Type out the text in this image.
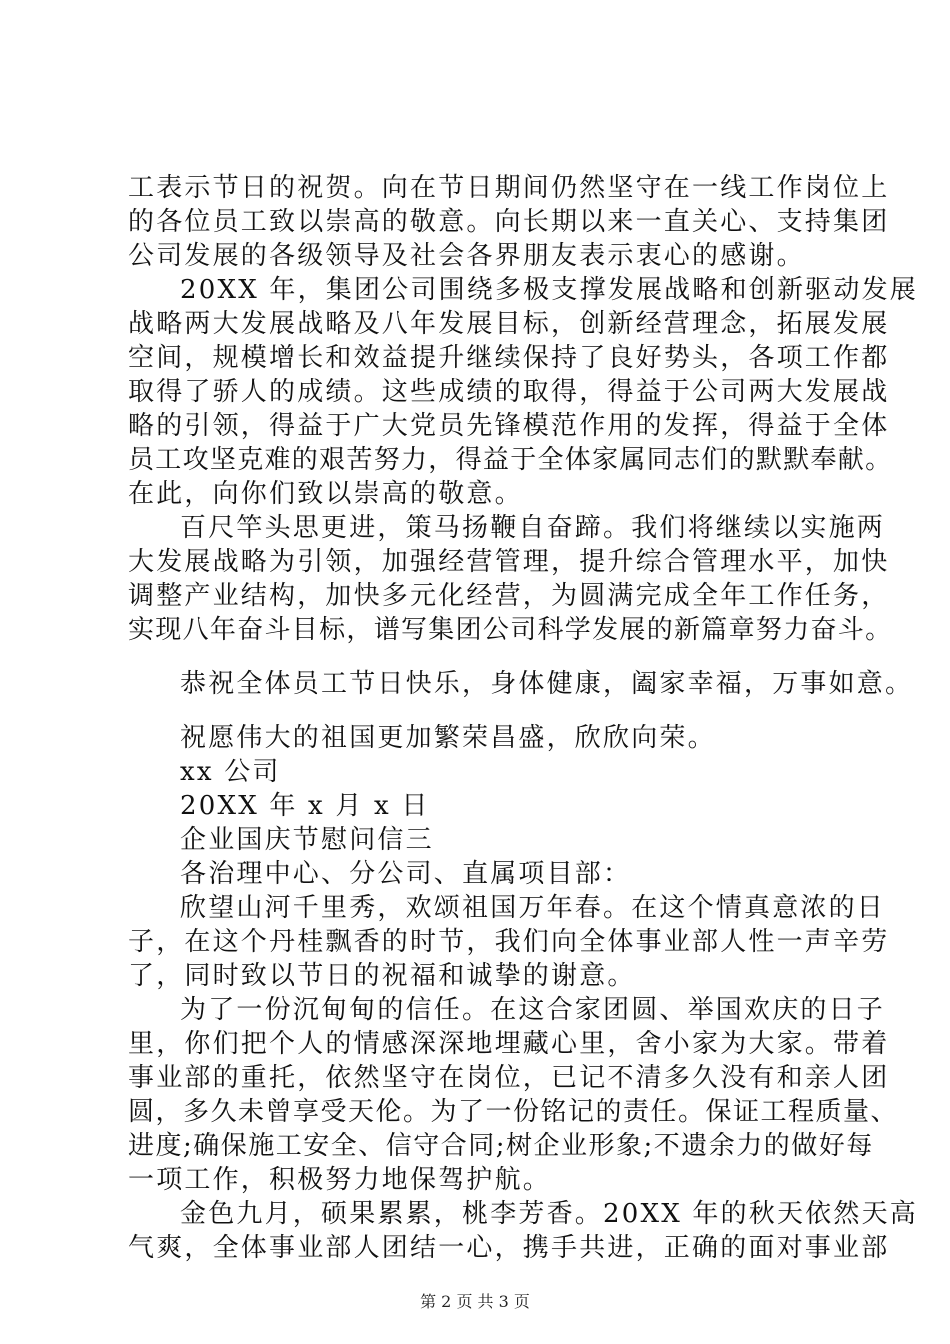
工表示节日的祝贺。向在节日期间仍然坚守在一线工作岗位上
的各位员工致以崇高的敬意。向长期以来一直关心、支持集团
公司发展的各级领导及社会各界朋友表示衷心的感谢。
20XX 年，集团公司围绕多极支撑发展战略和创新驱动发展
战略两大发展战略及八年发展目标，创新经营理念，拓展发展
空间，规模增长和效益提升继续保持了良好势头，各项工作都
取得了骄人的成绩。这些成绩的取得，得益于公司两大发展战
略的引领，得益于广大党员先锋模范作用的发挥，得益于全体
员工攻坚克难的艰苦努力，得益于全体家属同志们的默默奉献。
在此，向你们致以崇高的敬意。
百尺竿头思更进，策马扬鞭自奋蹄。我们将继续以实施两
大发展战略为引领，加强经营管理，提升综合管理水平，加快
调整产业结构，加快多元化经营，为圆满完成全年工作任务，
实现八年奋斗目标，谱写集团公司科学发展的新篇章努力奋斗。
恭祝全体员工节日快乐，身体健康，阖家幸福，万事如意。
祝愿伟大的祖国更加繁荣昌盛，欣欣向荣。
xx 公司
20XX 年 x 月 x 日
企业国庆节慰问信三
各治理中心、分公司、直属项目部：
欣望山河千里秀，欢颂祖国万年春。在这个情真意浓的日
子，在这个丹桂飘香的时节，我们向全体事业部人性一声辛劳
了，同时致以节日的祝福和诚挚的谢意。
为了一份沉甸甸的信任。在这合家团圆、举国欢庆的日子
里，你们把个人的情感深深地埋藏心里，舍小家为大家。带着
事业部的重托，依然坚守在岗位，已记不清多久没有和亲人团
圆，多久未曾享受天伦。为了一份铭记的责任。保证工程质量、
进度;确保施工安全、信守合同;树企业形象;不遗余力的做好每
一项工作，积极努力地保驾护航。
金色九月，硕果累累，桃李芳香。20XX 年的秋天依然天高
气爽，全体事业部人团结一心，携手共进，正确的面对事业部
第 2 页 共 3 页
